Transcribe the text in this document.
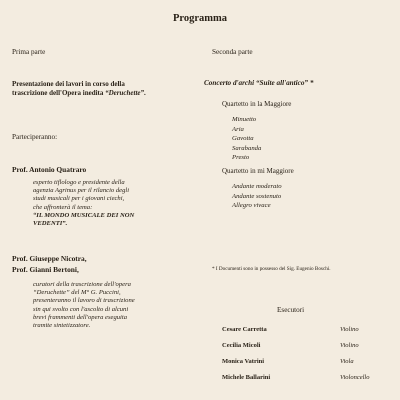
Programma
Prima parte
Presentazione dei lavori in corso della
trascrizione dell'Opera inedita “Deruchette”.
Parteciperanno:
Prof. Antonio Quatraro
esperto tiflologo e presidente della
agenzia Agrinus per il rilancio degli
studi musicali per i giovani ciechi,
che affronterà il tema:
“IL MONDO MUSICALE DEI NON
VEDENTI”.
Prof. Giuseppe Nicotra,
Prof. Gianni Bertoni,
curatori della trascrizione dell'opera
“Deruchette” del M° G. Puccini,
presenteranno il lavoro di trascrizione
sin qui svolto con l'ascolto di alcuni
brevi frammenti dell'opera eseguita
tramite sintetizzatore.
Seconda parte
Concerto d'archi “Suite all'antico” *
Quartetto in la Maggiore
Minuetto
Aria
Gavotta
Sarabanda
Presto
Quartetto in mi Maggiore
Andante moderato
Andante sostenuto
Allegro vivace
* I Documenti sono in possesso del Sig. Eugenio Boschi.
Esecutori
Cesare Carretta	Violino
Cecilia Micoli	Violino
Monica Vatrini	Viola
Michele Ballarini	Violoncello
